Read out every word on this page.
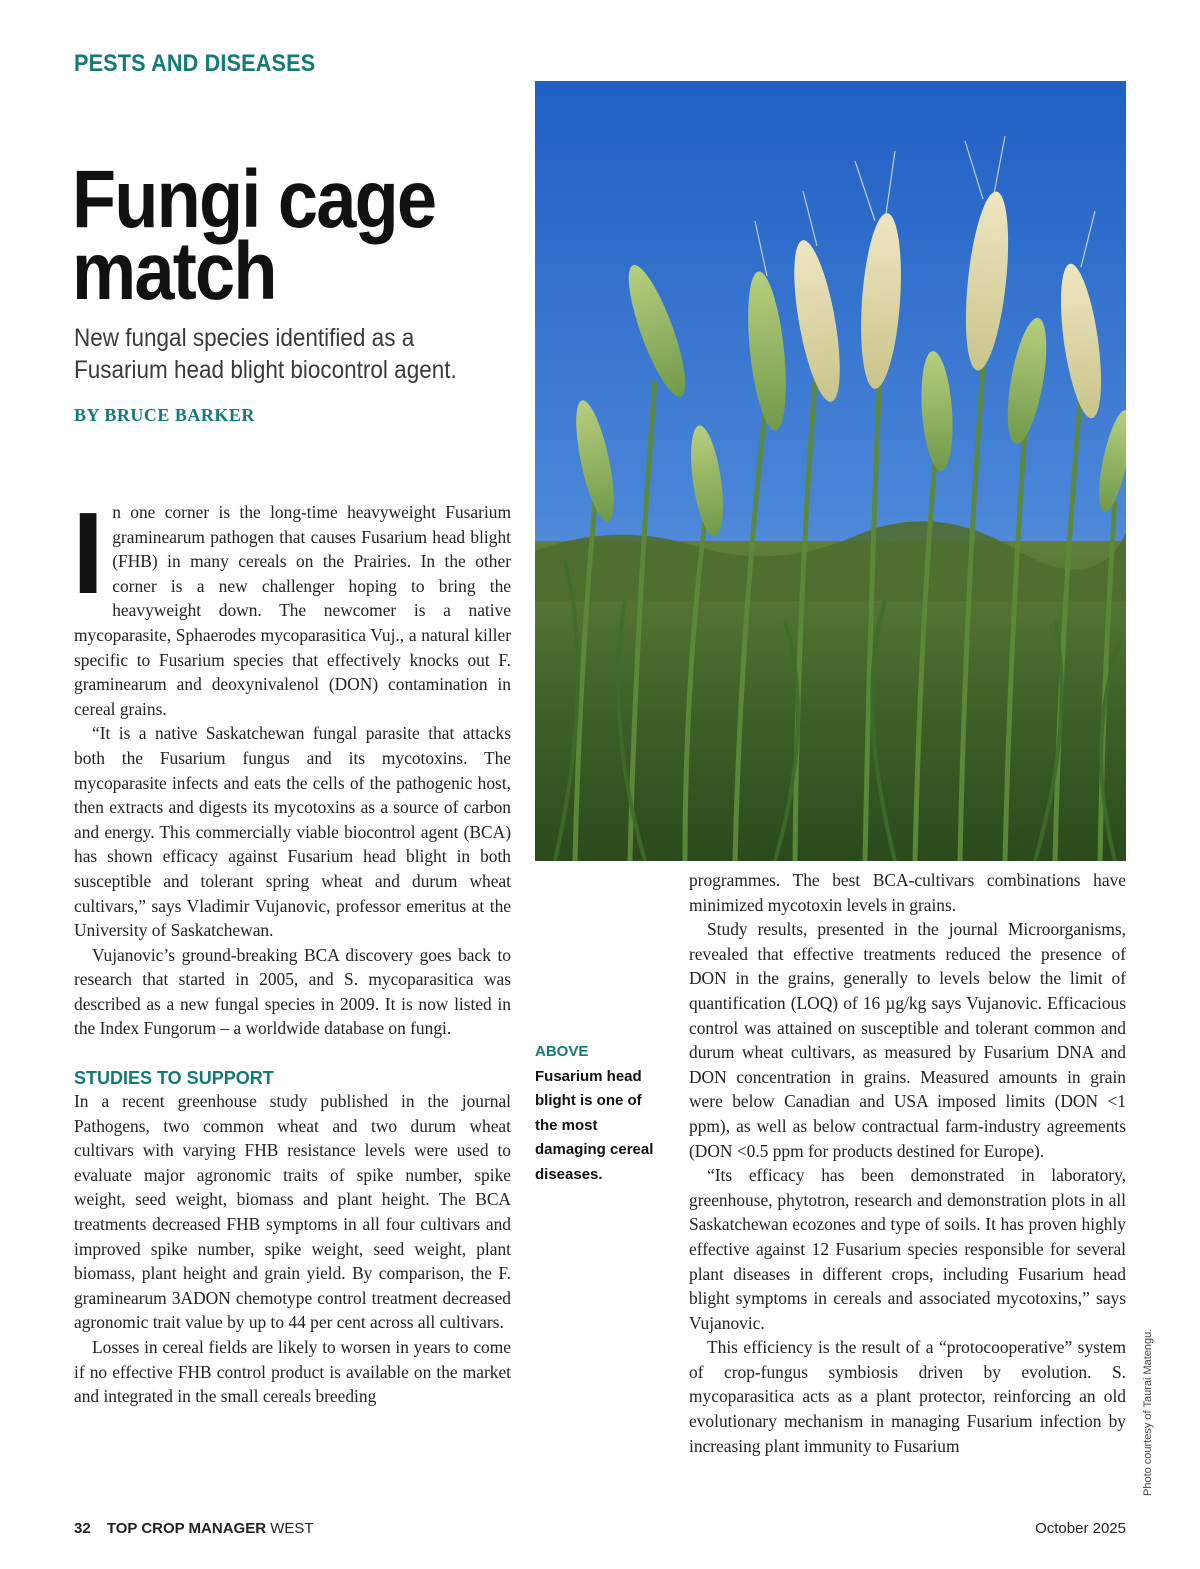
PESTS AND DISEASES
Fungi cage match
New fungal species identified as a Fusarium head blight biocontrol agent.
BY BRUCE BARKER

In one corner is the long-time heavyweight Fusarium graminearum pathogen that causes Fusarium head blight (FHB) in many cereals on the Prairies. In the other corner is a new challenger hoping to bring the heavyweight down. The newcomer is a native mycoparasite, Sphaerodes mycoparasitica Vuj., a natural killer specific to Fusarium species that effectively knocks out F. graminearum and deoxynivalenol (DON) contamination in cereal grains.

“It is a native Saskatchewan fungal parasite that attacks both the Fusarium fungus and its mycotoxins. The mycoparasite infects and eats the cells of the pathogenic host, then extracts and digests its mycotoxins as a source of carbon and energy. This commercially viable biocontrol agent (BCA) has shown efficacy against Fusarium head blight in both susceptible and tolerant spring wheat and durum wheat cultivars,” says Vladimir Vujanovic, professor emeritus at the University of Saskatchewan.

Vujanovic’s ground-breaking BCA discovery goes back to research that started in 2005, and S. mycoparasitica was described as a new fungal species in 2009. It is now listed in the Index Fungorum – a worldwide database on fungi.

STUDIES TO SUPPORT

In a recent greenhouse study published in the journal Pathogens, two common wheat and two durum wheat cultivars with varying FHB resistance levels were used to evaluate major agronomic traits of spike number, spike weight, seed weight, biomass and plant height. The BCA treatments decreased FHB symptoms in all four cultivars and improved spike number, spike weight, seed weight, plant biomass, plant height and grain yield. By comparison, the F. graminearum 3ADON chemotype control treatment decreased agronomic trait value by up to 44 per cent across all cultivars.

Losses in cereal fields are likely to worsen in years to come if no effective FHB control product is available on the market and integrated in the small cereals breeding

ABOVE Fusarium head blight is one of the most damaging cereal diseases.

programmes. The best BCA-cultivars combinations have minimized mycotoxin levels in grains.

Study results, presented in the journal Microorganisms, revealed that effective treatments reduced the presence of DON in the grains, generally to levels below the limit of quantification (LOQ) of 16 µg/kg says Vujanovic. Efficacious control was attained on susceptible and tolerant common and durum wheat cultivars, as measured by Fusarium DNA and DON concentration in grains. Measured amounts in grain were below Canadian and USA imposed limits (DON <1 ppm), as well as below contractual farm-industry agreements (DON <0.5 ppm for products destined for Europe).

“Its efficacy has been demonstrated in laboratory, greenhouse, phytotron, research and demonstration plots in all Saskatchewan ecozones and type of soils. It has proven highly effective against 12 Fusarium species responsible for several plant diseases in different crops, including Fusarium head blight symptoms in cereals and associated mycotoxins,” says Vujanovic.

This efficiency is the result of a “protocooperative” system of crop-fungus symbiosis driven by evolution. S. mycoparasitica acts as a plant protector, reinforcing an old evolutionary mechanism in managing Fusarium infection by increasing plant immunity to Fusarium	Photo courtesy of Taurai Matengu.
32 TOP CROP MANAGER WEST	October 2025
